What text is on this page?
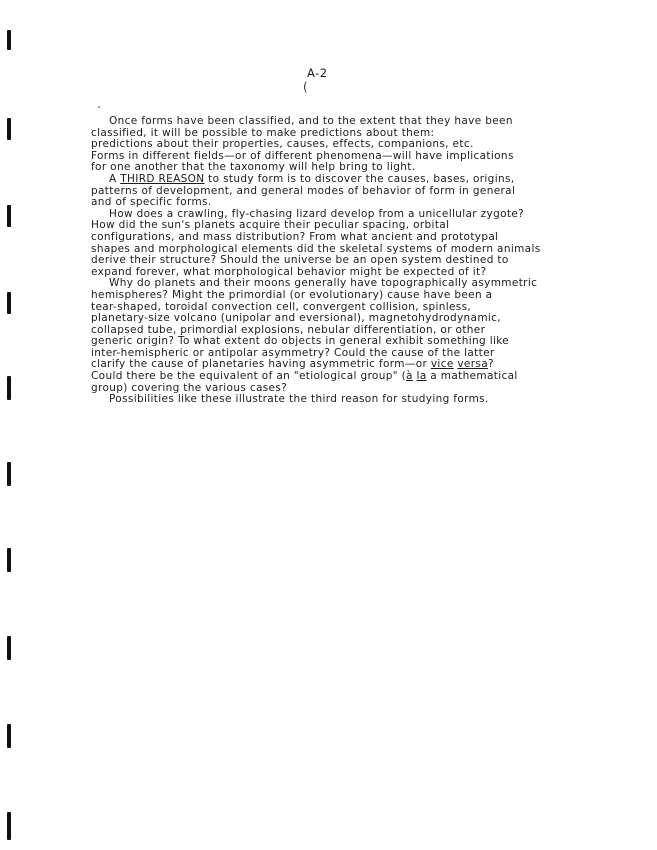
A-2
(
Once forms have been classified, and to the extent that they have been
classified, it will be possible to make predictions about them:
predictions about their properties, causes, effects, companions, etc.
Forms in different fields—or of different phenomena—will have implications
for one another that the taxonomy will help bring to light.
A THIRD REASON to study form is to discover the causes, bases, origins,
patterns of development, and general modes of behavior of form in general
and of specific forms.
How does a crawling, fly-chasing lizard develop from a unicellular zygote?
How did the sun's planets acquire their peculiar spacing, orbital
configurations, and mass distribution? From what ancient and prototypal
shapes and morphological elements did the skeletal systems of modern animals
derive their structure? Should the universe be an open system destined to
expand forever, what morphological behavior might be expected of it?
Why do planets and their moons generally have topographically asymmetric
hemispheres? Might the primordial (or evolutionary) cause have been a
tear-shaped, toroidal convection cell, convergent collision, spinless,
planetary-size volcano (unipolar and eversional), magnetohydrodynamic,
collapsed tube, primordial explosions, nebular differentiation, or other
generic origin? To what extent do objects in general exhibit something like
inter-hemispheric or antipolar asymmetry? Could the cause of the latter
clarify the cause of planetaries having asymmetric form—or vice versa?
Could there be the equivalent of an "etiological group" (à la a mathematical
group) covering the various cases?
Possibilities like these illustrate the third reason for studying forms.
